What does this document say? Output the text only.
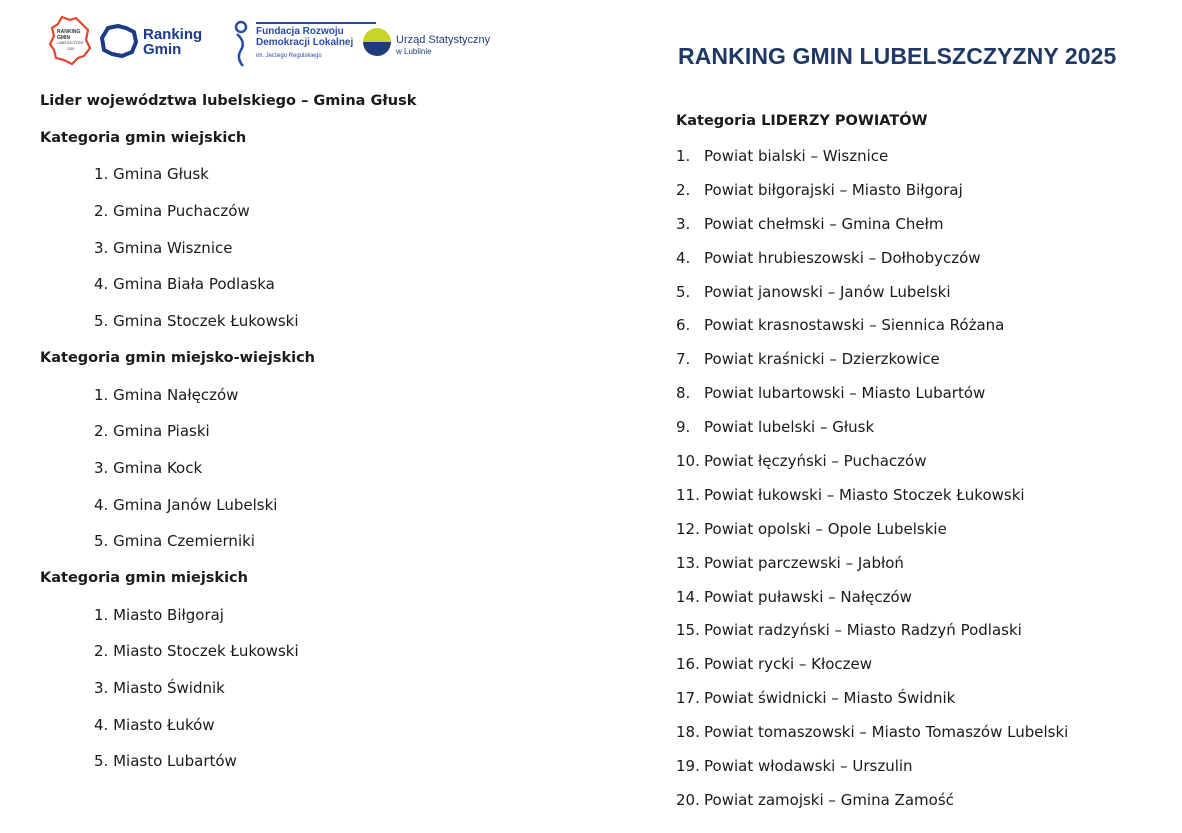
RANKING
GMIN
LUBELSZCZYZNY
2025
Ranking
Gmin
Fundacja Rozwoju
Demokracji Lokalnej
im. Jerzego Regulskiego
Urząd Statystyczny
w Lublinie	RANKING GMIN LUBELSZCZYZNY 2025
Lider województwa lubelskiego – Gmina Głusk
Kategoria gmin wiejskich
1. Gmina Głusk
2. Gmina Puchaczów
3. Gmina Wisznice
4. Gmina Biała Podlaska
5. Gmina Stoczek Łukowski
Kategoria gmin miejsko-wiejskich
1. Gmina Nałęczów
2. Gmina Piaski
3. Gmina Kock
4. Gmina Janów Lubelski
5. Gmina Czemierniki
Kategoria gmin miejskich
1. Miasto Biłgoraj
2. Miasto Stoczek Łukowski
3. Miasto Świdnik
4. Miasto Łuków
5. Miasto Lubartów
Kategoria LIDERZY POWIATÓW
1. Powiat bialski – Wisznice
2. Powiat biłgorajski – Miasto Biłgoraj
3. Powiat chełmski – Gmina Chełm
4. Powiat hrubieszowski – Dołhobyczów
5. Powiat janowski – Janów Lubelski
6. Powiat krasnostawski – Siennica Różana
7. Powiat kraśnicki – Dzierzkowice
8. Powiat lubartowski – Miasto Lubartów
9. Powiat lubelski – Głusk
10. Powiat łęczyński – Puchaczów
11. Powiat łukowski – Miasto Stoczek Łukowski
12. Powiat opolski – Opole Lubelskie
13. Powiat parczewski – Jabłoń
14. Powiat puławski – Nałęczów
15. Powiat radzyński – Miasto Radzyń Podlaski
16. Powiat rycki – Kłoczew
17. Powiat świdnicki – Miasto Świdnik
18. Powiat tomaszowski – Miasto Tomaszów Lubelski
19. Powiat włodawski – Urszulin
20. Powiat zamojski – Gmina Zamość
